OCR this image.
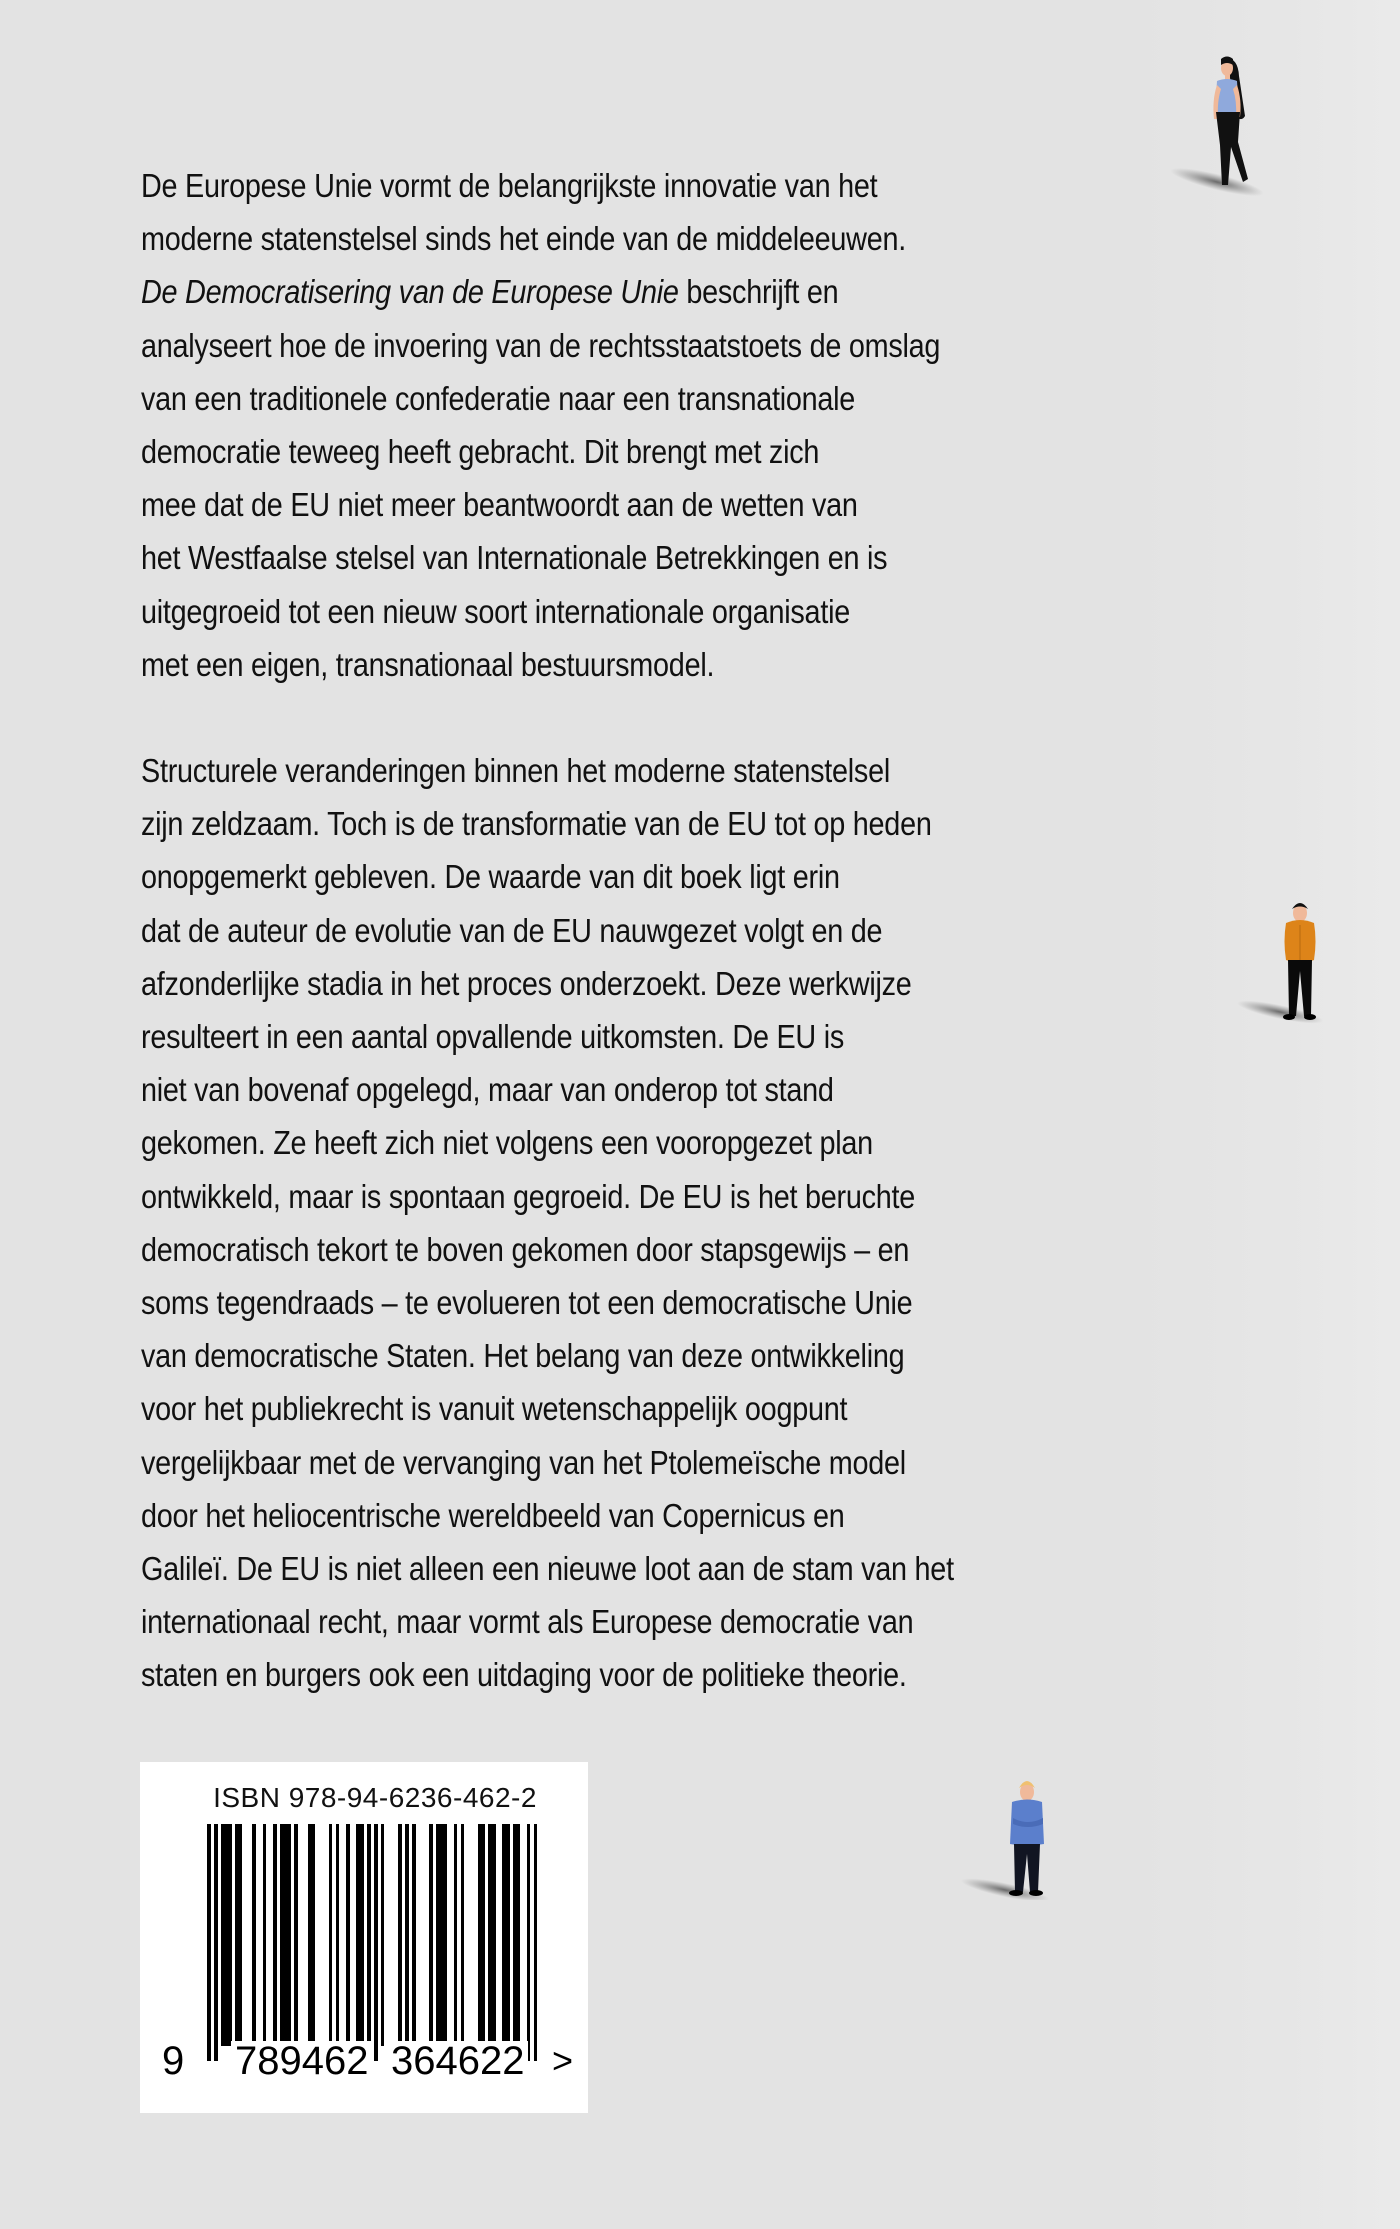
De Europese Unie vormt de belangrijkste innovatie van het
moderne statenstelsel sinds het einde van de middeleeuwen.
De Democratisering van de Europese Unie beschrijft en
analyseert hoe de invoering van de rechtsstaatstoets de omslag
van een traditionele confederatie naar een transnationale
democratie teweeg heeft gebracht. Dit brengt met zich
mee dat de EU niet meer beantwoordt aan de wetten van
het Westfaalse stelsel van Internationale Betrekkingen en is
uitgegroeid tot een nieuw soort internationale organisatie
met een eigen, transnationaal bestuursmodel.
Structurele veranderingen binnen het moderne statenstelsel
zijn zeldzaam. Toch is de transformatie van de EU tot op heden
onopgemerkt gebleven. De waarde van dit boek ligt erin
dat de auteur de evolutie van de EU nauwgezet volgt en de
afzonderlijke stadia in het proces onderzoekt. Deze werkwijze
resulteert in een aantal opvallende uitkomsten. De EU is
niet van bovenaf opgelegd, maar van onderop tot stand
gekomen. Ze heeft zich niet volgens een vooropgezet plan
ontwikkeld, maar is spontaan gegroeid. De EU is het beruchte
democratisch tekort te boven gekomen door stapsgewijs – en
soms tegendraads – te evolueren tot een democratische Unie
van democratische Staten. Het belang van deze ontwikkeling
voor het publiekrecht is vanuit wetenschappelijk oogpunt
vergelijkbaar met de vervanging van het Ptolemeïsche model
door het heliocentrische wereldbeeld van Copernicus en
Galileï. De EU is niet alleen een nieuwe loot aan de stam van het
internationaal recht, maar vormt als Europese democratie van
staten en burgers ook een uitdaging voor de politieke theorie.
ISBN 978-94-6236-462-2
9 789462 364622 >
